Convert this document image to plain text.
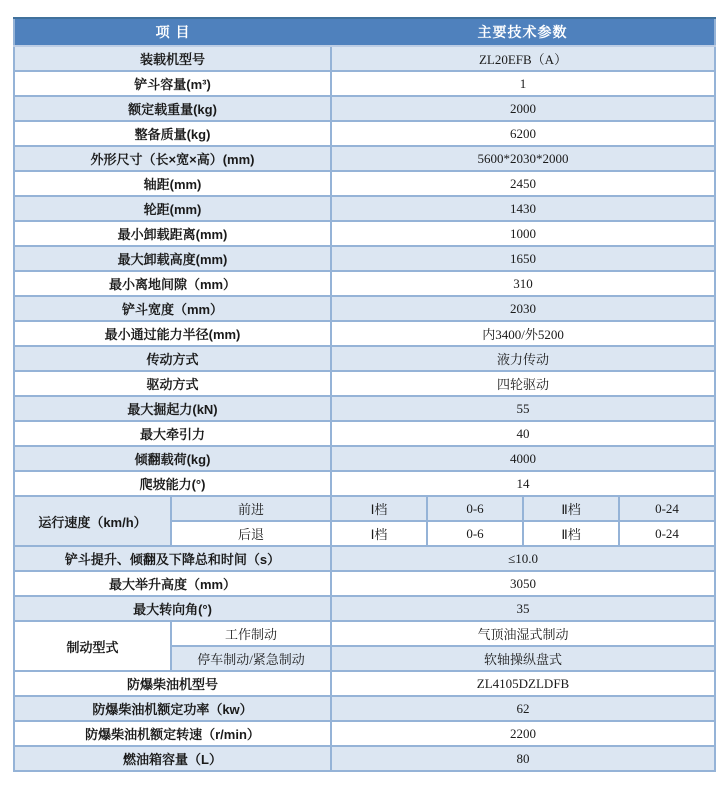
项 目		主要技术参数			
装载机型号		ZL20EFB（A）			
铲斗容量(m³)		1			
额定载重量(kg)		2000			
整备质量(kg)		6200			
外形尺寸（长×宽×高）(mm)		5600*2030*2000			
轴距(mm)		2450			
轮距(mm)		1430			
最小卸载距离(mm)		1000			
最大卸载高度(mm)		1650			
最小离地间隙（mm）		310			
铲斗宽度（mm）		2030			
最小通过能力半径(mm)		内3400/外5200			
传动方式		液力传动			
驱动方式		四轮驱动			
最大掘起力(kN)		55			
最大牵引力		40			
倾翻载荷(kg)		4000			
爬坡能力(°)		14			
运行速度（km/h）	前进	Ⅰ档	0-6	Ⅱ档	0-24
	后退	Ⅰ档	0-6	Ⅱ档	0-24
铲斗提升、倾翻及下降总和时间（s）		≤10.0			
最大举升高度（mm）		3050			
最大转向角(°)		35			
制动型式	工作制动	气顶油湿式制动			
	停车制动/紧急制动	软轴操纵盘式			
防爆柴油机型号		ZL4105DZLDFB			
防爆柴油机额定功率（kw）		62			
防爆柴油机额定转速（r/min）		2200			
燃油箱容量（L）		80			
